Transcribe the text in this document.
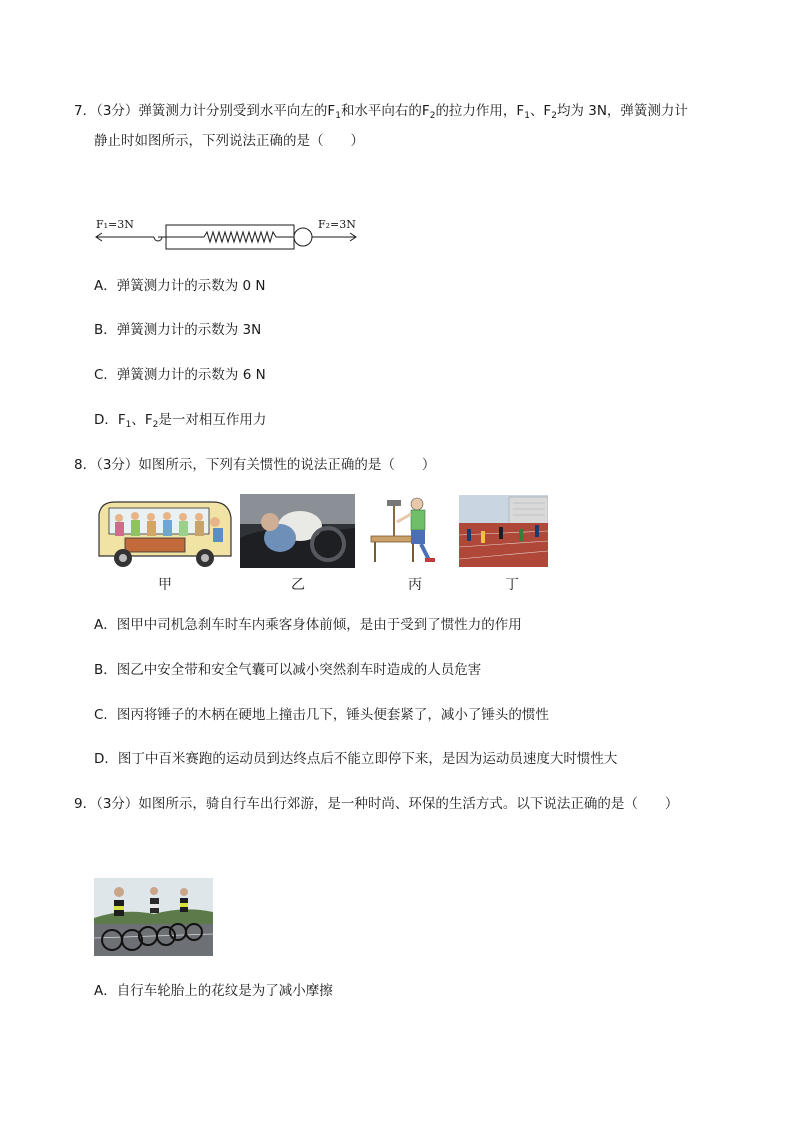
7．（3分）弹簧测力计分别受到水平向左的$F_1$和水平向右的$F_2$的拉力作用，$F_1$、$F_2$均为 3N，弹簧测力计
静止时如图所示，下列说法正确的是（　　）
F₁=3N	F₂=3N
A．弹簧测力计的示数为 0 N
B．弹簧测力计的示数为 3N
C．弹簧测力计的示数为 6 N
D．$F_1$、$F_2$是一对相互作用力
8．（3分）如图所示，下列有关惯性的说法正确的是（　　）
甲	乙	丙	丁
A．图甲中司机急刹车时车内乘客身体前倾，是由于受到了惯性力的作用
B．图乙中安全带和安全气囊可以减小突然刹车时造成的人员危害
C．图丙将锤子的木柄在硬地上撞击几下，锤头便套紧了，减小了锤头的惯性
D．图丁中百米赛跑的运动员到达终点后不能立即停下来，是因为运动员速度大时惯性大
9．（3分）如图所示，骑自行车出行郊游，是一种时尚、环保的生活方式。以下说法正确的是（　　）
A．自行车轮胎上的花纹是为了减小摩擦
